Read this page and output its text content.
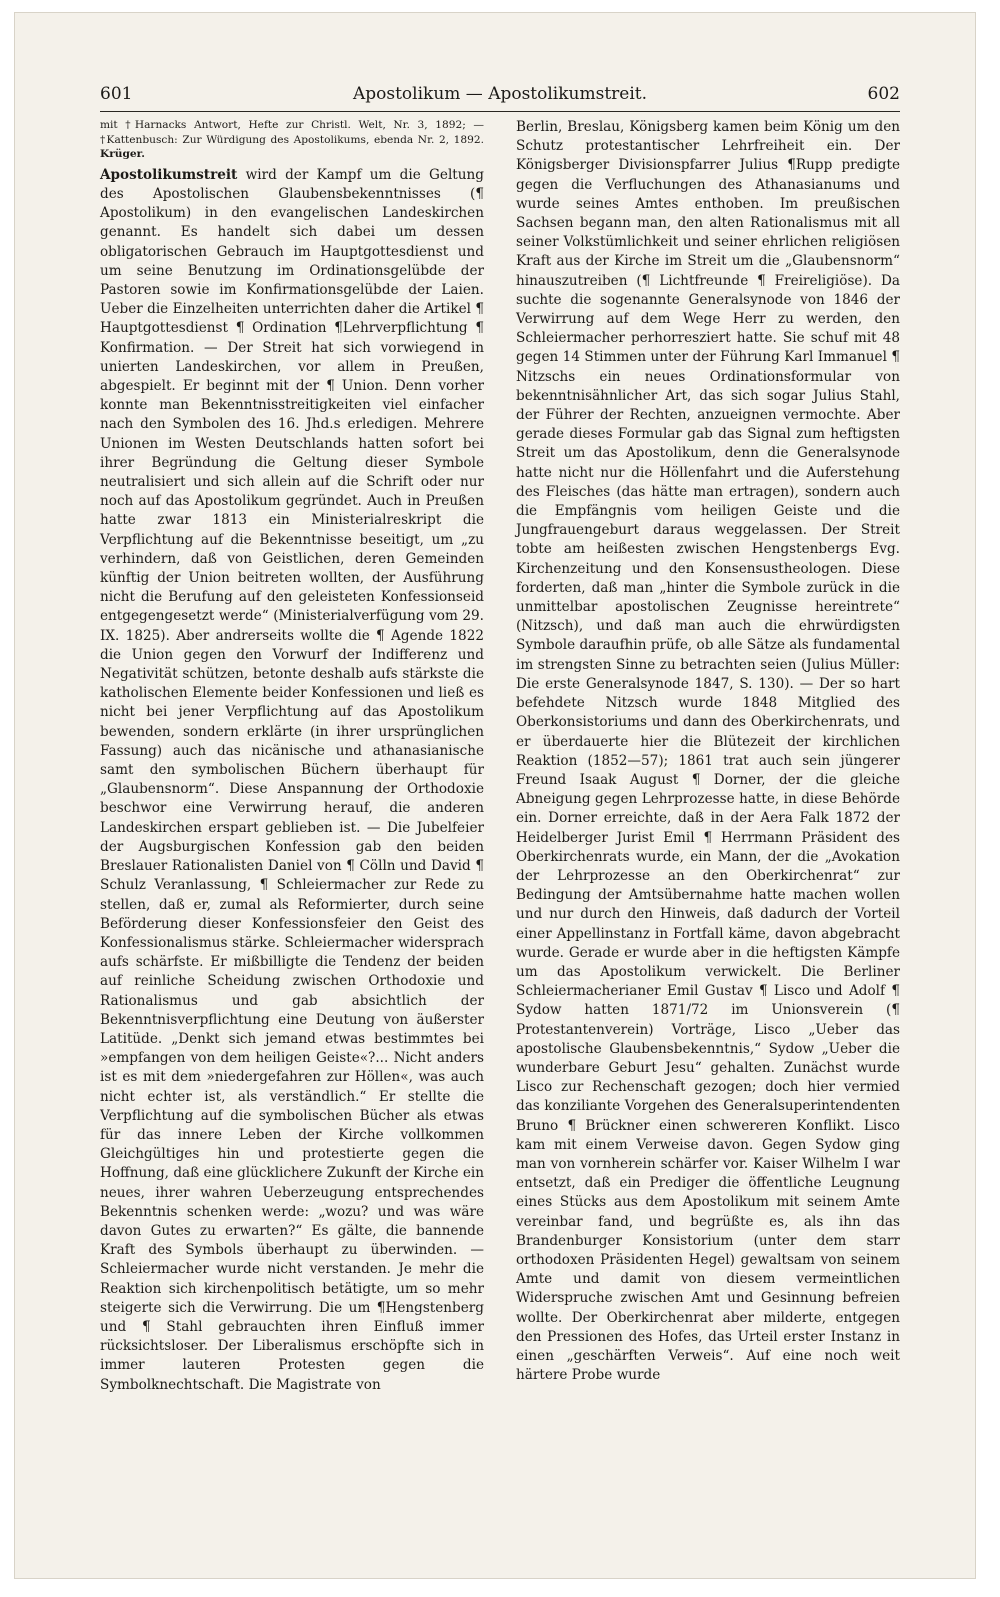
601	Apostolikum — Apostolikumstreit.	602

mit †Harnacks Antwort, Hefte zur Christl. Welt, Nr. 3, 1892; — †Kattenbusch: Zur Würdigung des Apostolikums, ebenda Nr. 2, 1892. Krüger.

Apostolikumstreit wird der Kampf um die Geltung des Apostolischen Glaubensbekenntnisses (¶ Apostolikum) in den evangelischen Landeskirchen genannt. Es handelt sich dabei um dessen obligatorischen Gebrauch im Hauptgottesdienst und um seine Benutzung im Ordinationsgelübde der Pastoren sowie im Konfirmationsgelübde der Laien. Ueber die Einzelheiten unterrichten daher die Artikel ¶ Hauptgottesdienst ¶ Ordination ¶Lehrverpflichtung ¶ Konfirmation. — Der Streit hat sich vorwiegend in unierten Landeskirchen, vor allem in Preußen, abgespielt. Er beginnt mit der ¶ Union. Denn vorher konnte man Bekenntnisstreitigkeiten viel einfacher nach den Symbolen des 16. Jhd.s erledigen. Mehrere Unionen im Westen Deutschlands hatten sofort bei ihrer Begründung die Geltung dieser Symbole neutralisiert und sich allein auf die Schrift oder nur noch auf das Apostolikum gegründet. Auch in Preußen hatte zwar 1813 ein Ministerialreskript die Verpflichtung auf die Bekenntnisse beseitigt, um „zu verhindern, daß von Geistlichen, deren Gemeinden künftig der Union beitreten wollten, der Ausführung nicht die Berufung auf den geleisteten Konfessionseid entgegengesetzt werde“ (Ministerialverfügung vom 29. IX. 1825). Aber andrerseits wollte die ¶ Agende 1822 die Union gegen den Vorwurf der Indifferenz und Negativität schützen, betonte deshalb aufs stärkste die katholischen Elemente beider Konfessionen und ließ es nicht bei jener Verpflichtung auf das Apostolikum bewenden, sondern erklärte (in ihrer ursprünglichen Fassung) auch das nicänische und athanasianische samt den symbolischen Büchern überhaupt für „Glaubensnorm“. Diese Anspannung der Orthodoxie beschwor eine Verwirrung herauf, die anderen Landeskirchen erspart geblieben ist. — Die Jubelfeier der Augsburgischen Konfession gab den beiden Breslauer Rationalisten Daniel von ¶ Cölln und David ¶ Schulz Veranlassung, ¶ Schleiermacher zur Rede zu stellen, daß er, zumal als Reformierter, durch seine Beförderung dieser Konfessionsfeier den Geist des Konfessionalismus stärke. Schleiermacher widersprach aufs schärfste. Er mißbilligte die Tendenz der beiden auf reinliche Scheidung zwischen Orthodoxie und Rationalismus und gab absichtlich der Bekenntnisverpflichtung eine Deutung von äußerster Latitüde. „Denkt sich jemand etwas bestimmtes bei »empfangen von dem heiligen Geiste«?... Nicht anders ist es mit dem »niedergefahren zur Höllen«, was auch nicht echter ist, als verständlich.“ Er stellte die Verpflichtung auf die symbolischen Bücher als etwas für das innere Leben der Kirche vollkommen Gleichgültiges hin und protestierte gegen die Hoffnung, daß eine glücklichere Zukunft der Kirche ein neues, ihrer wahren Ueberzeugung entsprechendes Bekenntnis schenken werde: „wozu? und was wäre davon Gutes zu erwarten?“ Es gälte, die bannende Kraft des Symbols überhaupt zu überwinden. — Schleiermacher wurde nicht verstanden. Je mehr die Reaktion sich kirchenpolitisch betätigte, um so mehr steigerte sich die Verwirrung. Die um ¶Hengstenberg und ¶ Stahl gebrauchten ihren Einfluß immer rücksichtsloser. Der Liberalismus erschöpfte sich in immer lauteren Protesten gegen die Symbolknechtschaft. Die Magistrate von

Berlin, Breslau, Königsberg kamen beim König um den Schutz protestantischer Lehrfreiheit ein. Der Königsberger Divisionspfarrer Julius ¶Rupp predigte gegen die Verfluchungen des Athanasianums und wurde seines Amtes enthoben. Im preußischen Sachsen begann man, den alten Rationalismus mit all seiner Volkstümlichkeit und seiner ehrlichen religiösen Kraft aus der Kirche im Streit um die „Glaubensnorm“ hinauszutreiben (¶ Lichtfreunde ¶ Freireligiöse). Da suchte die sogenannte Generalsynode von 1846 der Verwirrung auf dem Wege Herr zu werden, den Schleiermacher perhorresziert hatte. Sie schuf mit 48 gegen 14 Stimmen unter der Führung Karl Immanuel ¶ Nitzschs ein neues Ordinationsformular von bekenntnisähnlicher Art, das sich sogar Julius Stahl, der Führer der Rechten, anzueignen vermochte. Aber gerade dieses Formular gab das Signal zum heftigsten Streit um das Apostolikum, denn die Generalsynode hatte nicht nur die Höllenfahrt und die Auferstehung des Fleisches (das hätte man ertragen), sondern auch die Empfängnis vom heiligen Geiste und die Jungfrauengeburt daraus weggelassen. Der Streit tobte am heißesten zwischen Hengstenbergs Evg. Kirchenzeitung und den Konsensustheologen. Diese forderten, daß man „hinter die Symbole zurück in die unmittelbar apostolischen Zeugnisse hereintrete“ (Nitzsch), und daß man auch die ehrwürdigsten Symbole daraufhin prüfe, ob alle Sätze als fundamental im strengsten Sinne zu betrachten seien (Julius Müller: Die erste Generalsynode 1847, S. 130). — Der so hart befehdete Nitzsch wurde 1848 Mitglied des Oberkonsistoriums und dann des Oberkirchenrats, und er überdauerte hier die Blütezeit der kirchlichen Reaktion (1852—57); 1861 trat auch sein jüngerer Freund Isaak August ¶ Dorner, der die gleiche Abneigung gegen Lehrprozesse hatte, in diese Behörde ein. Dorner erreichte, daß in der Aera Falk 1872 der Heidelberger Jurist Emil ¶ Herrmann Präsident des Oberkirchenrats wurde, ein Mann, der die „Avokation der Lehrprozesse an den Oberkirchenrat“ zur Bedingung der Amtsübernahme hatte machen wollen und nur durch den Hinweis, daß dadurch der Vorteil einer Appellinstanz in Fortfall käme, davon abgebracht wurde. Gerade er wurde aber in die heftigsten Kämpfe um das Apostolikum verwickelt. Die Berliner Schleiermacherianer Emil Gustav ¶ Lisco und Adolf ¶ Sydow hatten 1871/72 im Unionsverein (¶ Protestantenverein) Vorträge, Lisco „Ueber das apostolische Glaubensbekenntnis,“ Sydow „Ueber die wunderbare Geburt Jesu“ gehalten. Zunächst wurde Lisco zur Rechenschaft gezogen; doch hier vermied das konziliante Vorgehen des Generalsuperintendenten Bruno ¶ Brückner einen schwereren Konflikt. Lisco kam mit einem Verweise davon. Gegen Sydow ging man von vornherein schärfer vor. Kaiser Wilhelm I war entsetzt, daß ein Prediger die öffentliche Leugnung eines Stücks aus dem Apostolikum mit seinem Amte vereinbar fand, und begrüßte es, als ihn das Brandenburger Konsistorium (unter dem starr orthodoxen Präsidenten Hegel) gewaltsam von seinem Amte und damit von diesem vermeintlichen Widerspruche zwischen Amt und Gesinnung befreien wollte. Der Oberkirchenrat aber milderte, entgegen den Pressionen des Hofes, das Urteil erster Instanz in einen „geschärften Verweis“. Auf eine noch weit härtere Probe wurde
